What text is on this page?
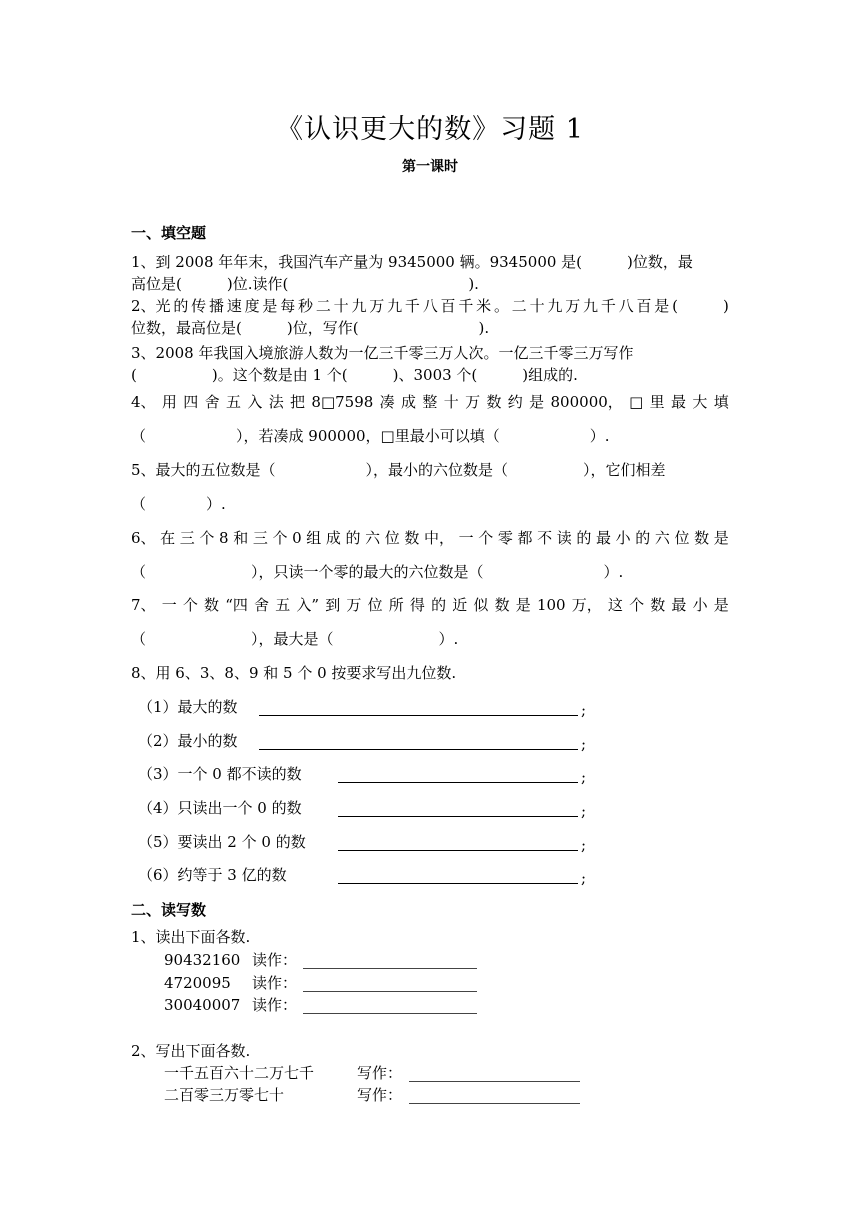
《认识更大的数》习题 1
第一课时
一、填空题
1、到 2008 年年末，我国汽车产量为 9345000 辆。9345000 是(　　　)位数，最
高位是(　　　)位.读作(　　　　　　　　　　　　).
2、光 的 传 播 速 度 是 每 秒 二 十 九 万 九 千 八 百 千 米 。 二 十 九 万 九 千 八 百 是 (　　　)
位数，最高位是(　　　)位，写作(　　　　　　　　).
3、2008 年我国入境旅游人数为一亿三千零三万人次。一亿三千零三万写作
(　　　　　)。这个数是由 1 个(　　　)、3003 个(　　　)组成的.
4、 用 四 舍 五 入 法 把 8□7598 凑 成 整 十 万 数 约 是 800000， □ 里 最 大 填
（　　　　　　），若凑成 900000，□里最小可以填（　　　　　　）.
5、最大的五位数是（　　　　　　），最小的六位数是（　　　　　），它们相差
（　　　　）.
6、 在 三 个 8 和 三 个 0 组 成 的 六 位 数 中， 一 个 零 都 不 读 的 最 小 的 六 位 数 是
（　　　　　　　），只读一个零的最大的六位数是（　　　　　　　　）.
7、 一 个 数 “四 舍 五 入” 到 万 位 所 得 的 近 似 数 是 100 万， 这 个 数 最 小 是
（　　　　　　　），最大是（　　　　　　　）.
8、用 6、3、8、9 和 5 个 0 按要求写出九位数.
（1）最大的数	;
（2）最小的数	;
（3）一个 0 都不读的数	;
（4）只读出一个 0 的数	;
（5）要读出 2 个 0 的数	;
（6）约等于 3 亿的数	;
二、读写数
1、读出下面各数.
90432160 读作：
4720095 读作：
30040007 读作：
2、写出下面各数.
一千五百六十二万七千	写作：
二百零三万零七十	写作：
